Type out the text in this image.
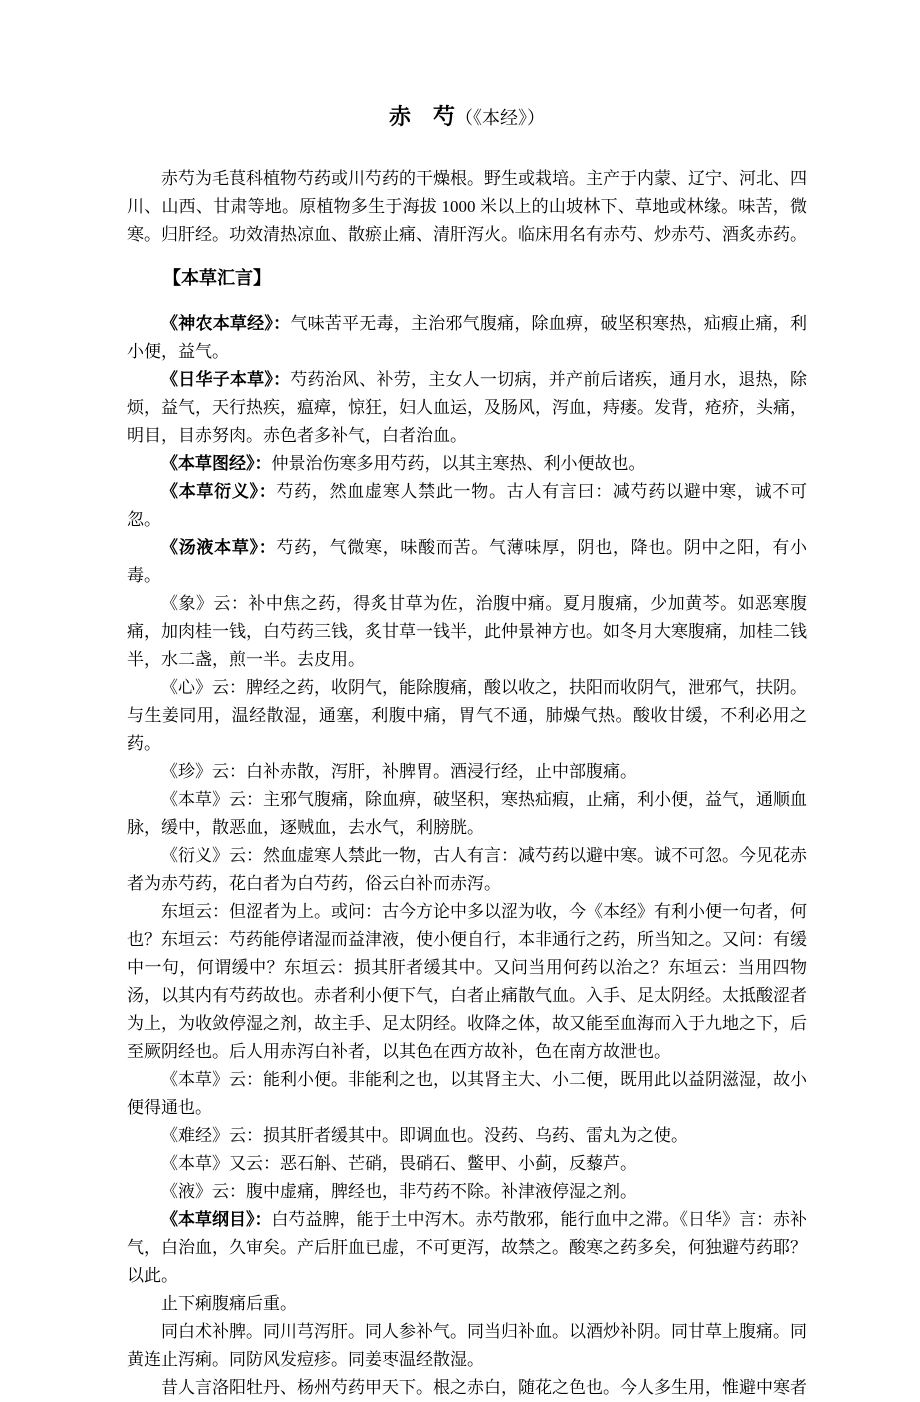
赤　芍（《本经》）

赤芍为毛茛科植物芍药或川芍药的干燥根。野生或栽培。主产于内蒙、辽宁、河北、四川、山西、甘肃等地。原植物多生于海拔 1000 米以上的山坡林下、草地或林缘。味苦，微寒。归肝经。功效清热凉血、散瘀止痛、清肝泻火。临床用名有赤芍、炒赤芍、酒炙赤药。

【本草汇言】

《神农本草经》：气味苦平无毒，主治邪气腹痛，除血痹，破坚积寒热，疝瘕止痛，利小便，益气。

《日华子本草》：芍药治风、补劳，主女人一切病，并产前后诸疾，通月水，退热，除烦，益气，天行热疾，瘟瘴，惊狂，妇人血运，及肠风，泻血，痔瘘。发背，疮疥，头痛，明目，目赤努肉。赤色者多补气，白者治血。

《本草图经》：仲景治伤寒多用芍药，以其主寒热、利小便故也。

《本草衍义》：芍药，然血虚寒人禁此一物。古人有言曰：减芍药以避中寒，诚不可忽。

《汤液本草》：芍药，气微寒，味酸而苦。气薄味厚，阴也，降也。阴中之阳，有小毒。

《象》云：补中焦之药，得炙甘草为佐，治腹中痛。夏月腹痛，少加黄芩。如恶寒腹痛，加肉桂一钱，白芍药三钱，炙甘草一钱半，此仲景神方也。如冬月大寒腹痛，加桂二钱半，水二盏，煎一半。去皮用。

《心》云：脾经之药，收阴气，能除腹痛，酸以收之，扶阳而收阴气，泄邪气，扶阴。与生姜同用，温经散湿，通塞，利腹中痛，胃气不通，肺燥气热。酸收甘缓，不利必用之药。

《珍》云：白补赤散，泻肝，补脾胃。酒浸行经，止中部腹痛。

《本草》云：主邪气腹痛，除血痹，破坚积，寒热疝瘕，止痛，利小便，益气，通顺血脉，缓中，散恶血，逐贼血，去水气，利膀胱。

《衍义》云：然血虚寒人禁此一物，古人有言：减芍药以避中寒。诚不可忽。今见花赤者为赤芍药，花白者为白芍药，俗云白补而赤泻。

东垣云：但涩者为上。或问：古今方论中多以涩为收，今《本经》有利小便一句者，何也？东垣云：芍药能停诸湿而益津液，使小便自行，本非通行之药，所当知之。又问：有缓中一句，何谓缓中？东垣云：损其肝者缓其中。又问当用何药以治之？东垣云：当用四物汤，以其内有芍药故也。赤者利小便下气，白者止痛散气血。入手、足太阴经。太抵酸涩者为上，为收敛停湿之剂，故主手、足太阴经。收降之体，故又能至血海而入于九地之下，后至厥阴经也。后人用赤泻白补者，以其色在西方故补，色在南方故泄也。

《本草》云：能利小便。非能利之也，以其肾主大、小二便，既用此以益阴滋湿，故小便得通也。

《难经》云：损其肝者缓其中。即调血也。没药、乌药、雷丸为之使。

《本草》又云：恶石斛、芒硝，畏硝石、鳖甲、小蓟，反藜芦。

《液》云：腹中虚痛，脾经也，非芍药不除。补津液停湿之剂。

《本草纲目》：白芍益脾，能于土中泻木。赤芍散邪，能行血中之滞。《日华》言：赤补气，白治血，久审矣。产后肝血已虚，不可更泻，故禁之。酸寒之药多矣，何独避芍药耶？以此。

止下痢腹痛后重。

同白术补脾。同川芎泻肝。同人参补气。同当归补血。以酒炒补阴。同甘草上腹痛。同黄连止泻痢。同防风发痘疹。同姜枣温经散湿。

昔人言洛阳牡丹、杨州芍药甲天下。根之赤白，随花之色也。今人多生用，惟避中寒者
